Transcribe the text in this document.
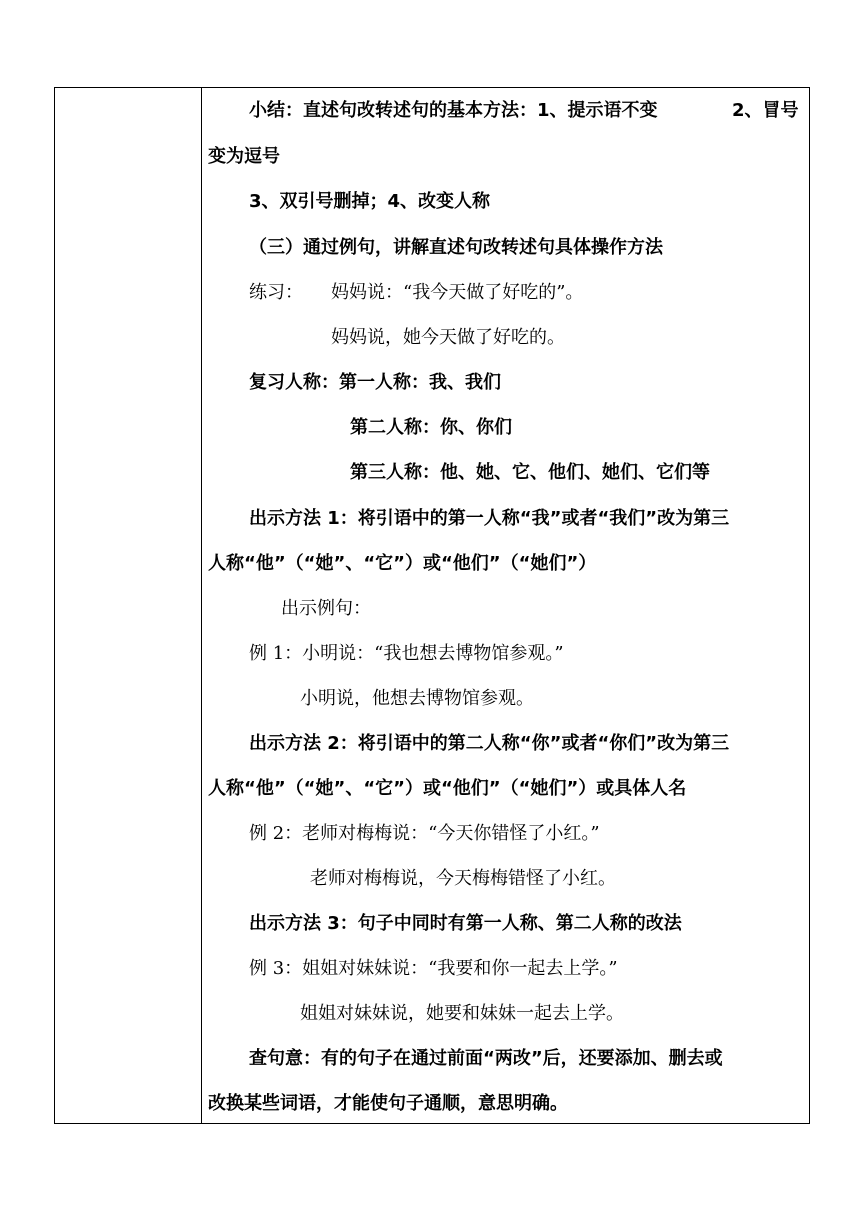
小结：直述句改转述句的基本方法：1、提示语不变	2、冒号
变为逗号
3、双引号删掉；4、改变人称
（三）通过例句，讲解直述句改转述句具体操作方法
练习： 妈妈说：“我今天做了好吃的”。
妈妈说，她今天做了好吃的。
复习人称：第一人称：我、我们
第二人称：你、你们
第三人称：他、她、它、他们、她们、它们等
出示方法 1：将引语中的第一人称“我”或者“我们”改为第三
人称“他”（“她”、“它”）或“他们”（“她们”）
出示例句：
例 1：小明说：“我也想去博物馆参观。”
小明说，他想去博物馆参观。
出示方法 2：将引语中的第二人称“你”或者“你们”改为第三
人称“他”（“她”、“它”）或“他们”（“她们”）或具体人名
例 2：老师对梅梅说：“今天你错怪了小红。”
老师对梅梅说，今天梅梅错怪了小红。
出示方法 3：句子中同时有第一人称、第二人称的改法
例 3：姐姐对妹妹说：“我要和你一起去上学。”
姐姐对妹妹说，她要和妹妹一起去上学。
查句意：有的句子在通过前面“两改”后，还要添加、删去或
改换某些词语，才能使句子通顺，意思明确。
